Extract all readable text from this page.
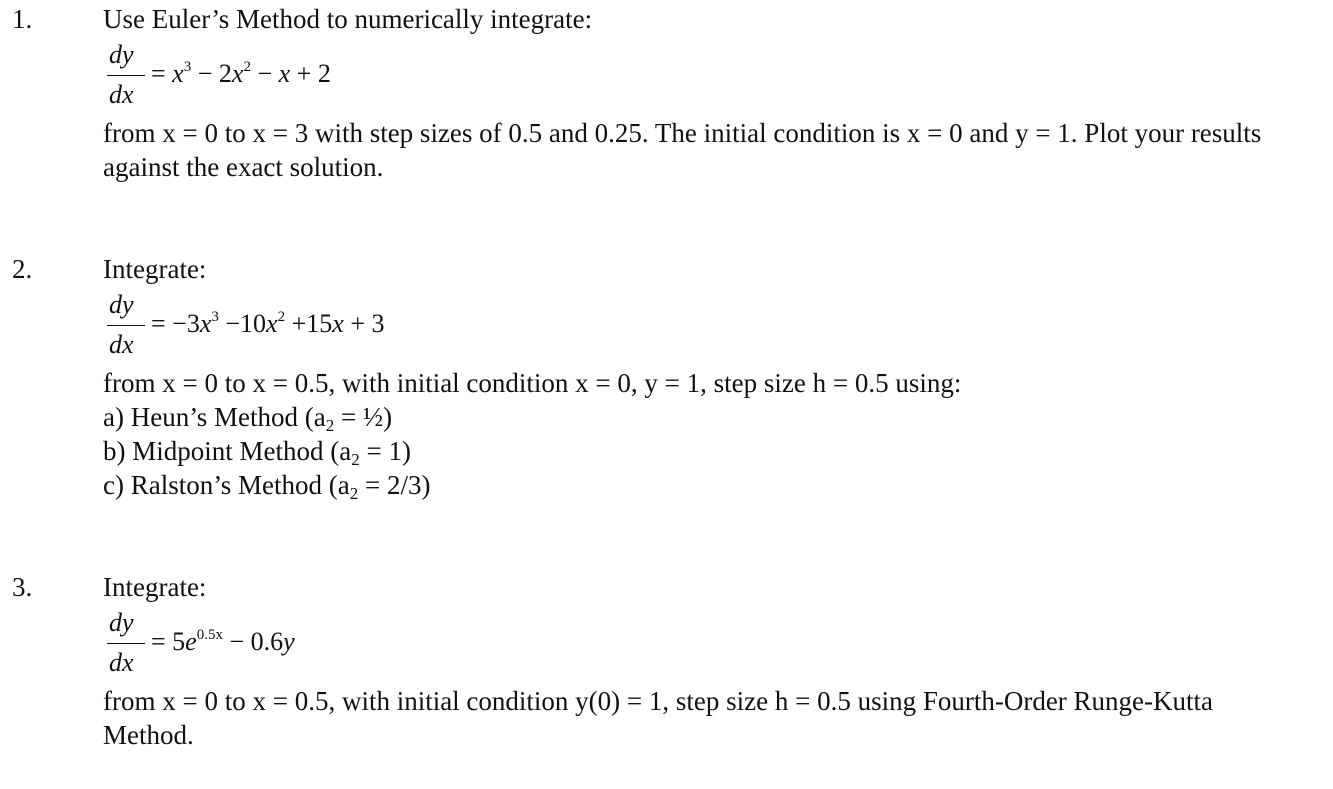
1.	Use Euler’s Method to numerically integrate:
dy
dx
= $x^3 - 2x^2 - x + 2$
from x = 0 to x = 3 with step sizes of 0.5 and 0.25. The initial condition is x = 0 and y = 1. Plot your results against the exact solution.
2.	Integrate:
dy
dx
= $-3x^3 -10x^2 +15x + 3$
from x = 0 to x = 0.5, with initial condition x = 0, y = 1, step size h = 0.5 using:
a) Heun’s Method ($a_2$ = ½)
b) Midpoint Method $(a_2 = 1)$
c) Ralston’s Method $(a_2 = 2/3)$
3.	Integrate:
dy
dx
= $5e^{0.5x} - 0.6y$
from x = 0 to x = 0.5, with initial condition y(0) = 1, step size h = 0.5 using Fourth-Order Runge-Kutta Method.
